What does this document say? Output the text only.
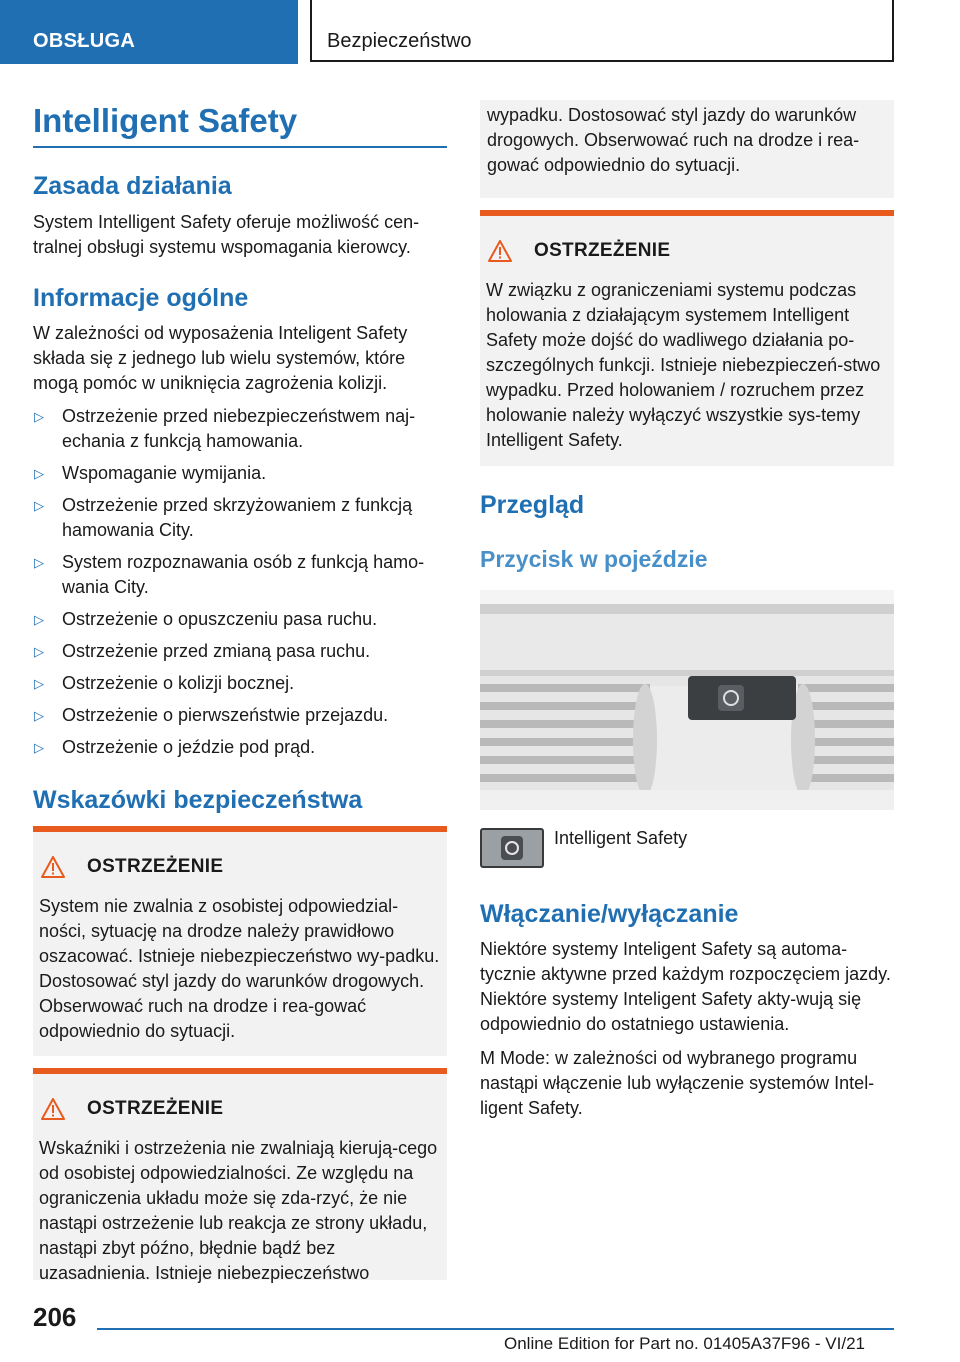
OBSŁUGA	Bezpieczeństwo
Intelligent Safety
Zasada działania

System Intelligent Safety oferuje możliwość cen-tralnej obsługi systemu wspomagania kierowcy.

Informacje ogólne

W zależności od wyposażenia Inteligent Safety składa się z jednego lub wielu systemów, które mogą pomóc w uniknięcia zagrożenia kolizji.

▷ Ostrzeżenie przed niebezpieczeństwem naj-echania z funkcją hamowania.
▷ Wspomaganie wymijania.
▷ Ostrzeżenie przed skrzyżowaniem z funkcją hamowania City.
▷ System rozpoznawania osób z funkcją hamo-wania City.
▷ Ostrzeżenie o opuszczeniu pasa ruchu.
▷ Ostrzeżenie przed zmianą pasa ruchu.
▷ Ostrzeżenie o kolizji bocznej.
▷ Ostrzeżenie o pierwszeństwie przejazdu.
▷ Ostrzeżenie o jeździe pod prąd.
Wskazówki bezpieczeństwa
OSTRZEŻENIE

System nie zwalnia z osobistej odpowiedzial-ności, sytuację na drodze należy prawidłowo oszacować. Istnieje niebezpieczeństwo wy-padku. Dostosować styl jazdy do warunków drogowych. Obserwować ruch na drodze i rea-gować odpowiednio do sytuacji.

OSTRZEŻENIE

Wskaźniki i ostrzeżenia nie zwalniają kierują-cego od osobistej odpowiedzialności. Ze względu na ograniczenia układu może się zda-rzyć, że nie nastąpi ostrzeżenie lub reakcja ze strony układu, nastąpi zbyt późno, błędnie bądź bez uzasadnienia. Istnieje niebezpieczeństwo

wypadku. Dostosować styl jazdy do warunków drogowych. Obserwować ruch na drodze i rea-gować odpowiednio do sytuacji.

OSTRZEŻENIE

W związku z ograniczeniami systemu podczas holowania z działającym systemem Intelligent Safety może dojść do wadliwego działania po-szczególnych funkcji. Istnieje niebezpieczeń-stwo wypadku. Przed holowaniem / rozruchem przez holowanie należy wyłączyć wszystkie sys-temy Intelligent Safety.

Przegląd
Przycisk w pojeździe

Intelligent Safety

Włączanie/wyłączanie

Niektóre systemy Inteligent Safety są automa-tycznie aktywne przed każdym rozpoczęciem jazdy. Niektóre systemy Inteligent Safety akty-wują się odpowiednio do ostatniego ustawienia.

M Mode: w zależności od wybranego programu nastąpi włączenie lub wyłączenie systemów Intel-ligent Safety.

206
Online Edition for Part no. 01405A37F96 - VI/21
